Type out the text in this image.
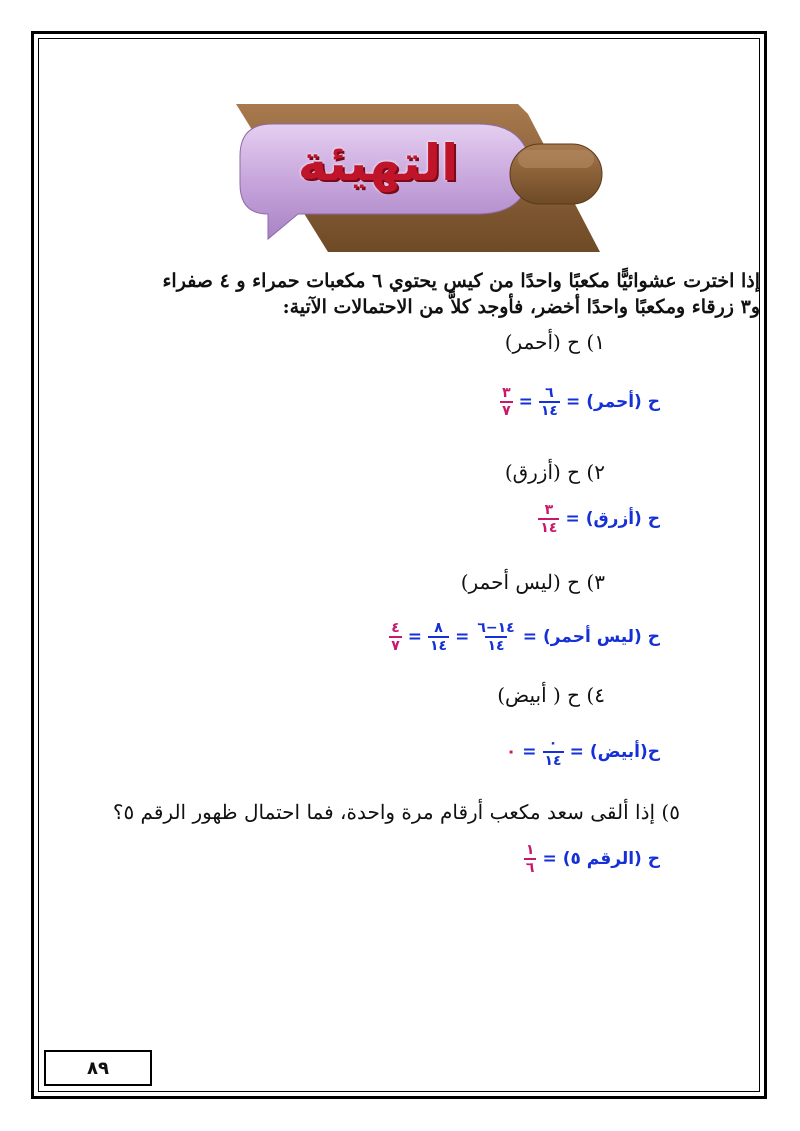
التهيئة
إذا اخترت عشوائيًّا مكعبًا واحدًا من كيس يحتوي ٦ مكعبات حمراء و ٤ صفراء
و٣ زرقاء ومكعبًا واحدًا أخضر، فأوجد كلاًّ من الاحتمالات الآتية:
١) ح (أحمر)
ح (أحمر)
=
$\frac{٦}{١٤}$
=
$\frac{٣}{٧}$
٢) ح (أزرق)
ح (أزرق)
=
$\frac{٣}{١٤}$
٣) ح (ليس أحمر)
ح (ليس أحمر)
=
$\frac{١٤-٦}{١٤}$
=
$\frac{٨}{١٤}$
=
$\frac{٤}{٧}$
٤) ح ( أبيض)
ح(أبيض)
=
$\frac{٠}{١٤}$
=
٠
٥) إذا ألقى سعد مكعب أرقام مرة واحدة، فما احتمال ظهور الرقم ٥؟
ح (الرقم ٥)
=
$\frac{١}{٦}$
٨٩
